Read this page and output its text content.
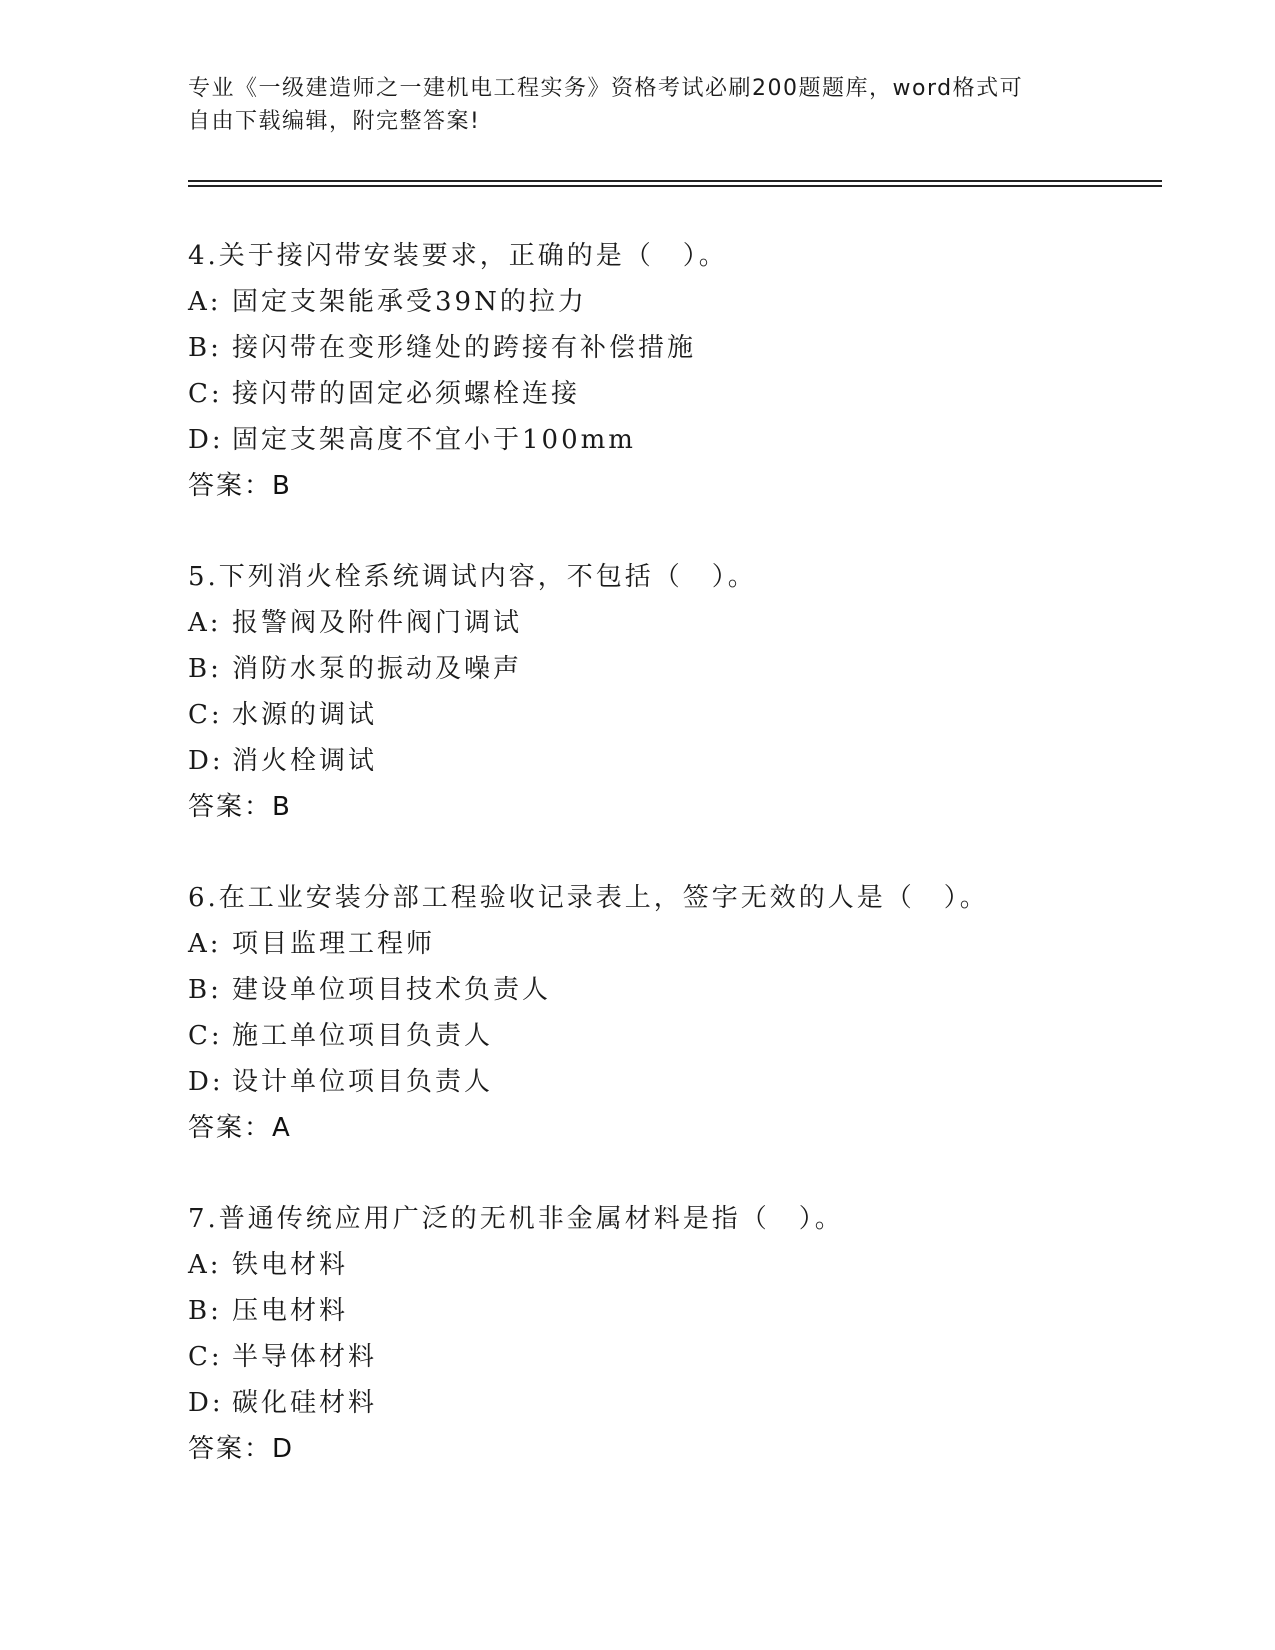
专业《一级建造师之一建机电工程实务》资格考试必刷200题题库，word格式可
自由下载编辑，附完整答案!
4.关于接闪带安装要求，正确的是（　）。
A: 固定支架能承受39N的拉力
B: 接闪带在变形缝处的跨接有补偿措施
C: 接闪带的固定必须螺栓连接
D: 固定支架高度不宜小于100mm
答案：B
5.下列消火栓系统调试内容，不包括（　）。
A: 报警阀及附件阀门调试
B: 消防水泵的振动及噪声
C: 水源的调试
D: 消火栓调试
答案：B
6.在工业安装分部工程验收记录表上，签字无效的人是（　）。
A: 项目监理工程师
B: 建设单位项目技术负责人
C: 施工单位项目负责人
D: 设计单位项目负责人
答案：A
7.普通传统应用广泛的无机非金属材料是指（　）。
A: 铁电材料
B: 压电材料
C: 半导体材料
D: 碳化硅材料
答案：D
